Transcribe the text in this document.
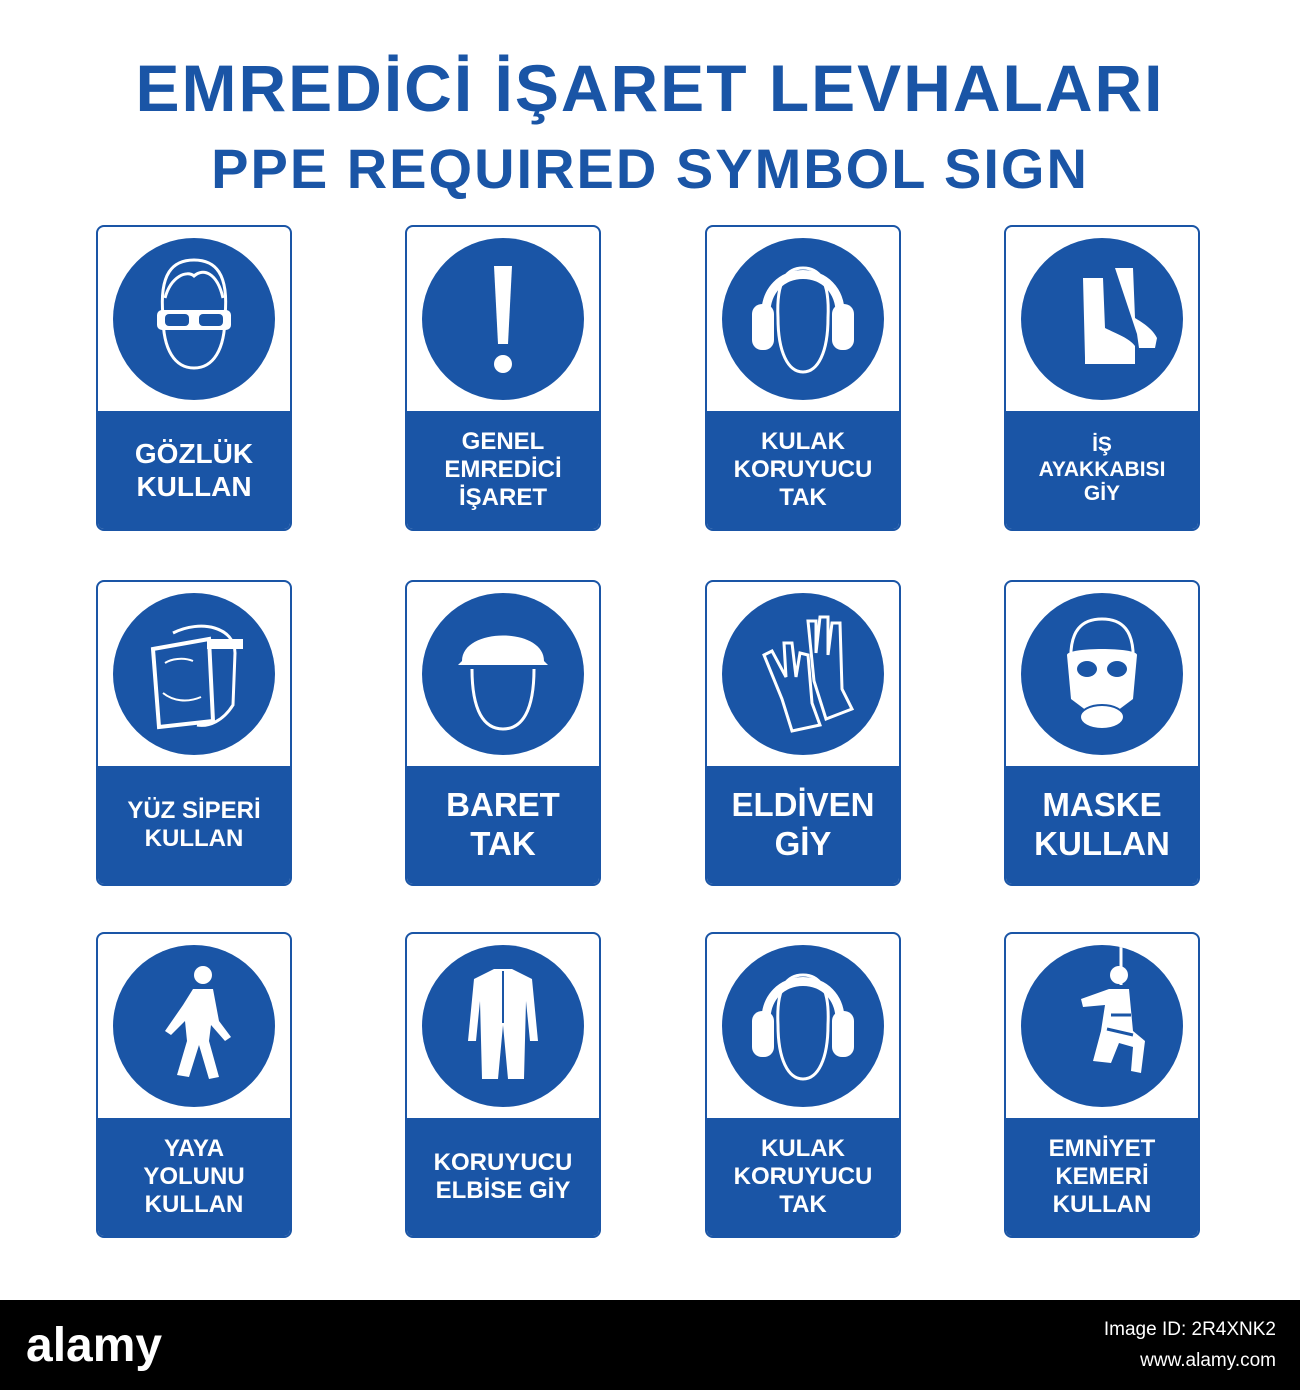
EMREDİCİ İŞARET LEVHALARI
PPE REQUIRED SYMBOL SIGN
GÖZLÜK
KULLAN
GENEL
EMREDİCİ
İŞARET
KULAK
KORUYUCU
TAK
İŞ
AYAKKABISI
GİY
YÜZ SİPERİ
KULLAN
BARET
TAK
ELDİVEN
GİY
MASKE
KULLAN
YAYA
YOLUNU
KULLAN
KORUYUCU
ELBİSE GİY
KULAK
KORUYUCU
TAK
EMNİYET
KEMERİ
KULLAN
alamy	Image ID: 2R4XNK2
www.alamy.com
